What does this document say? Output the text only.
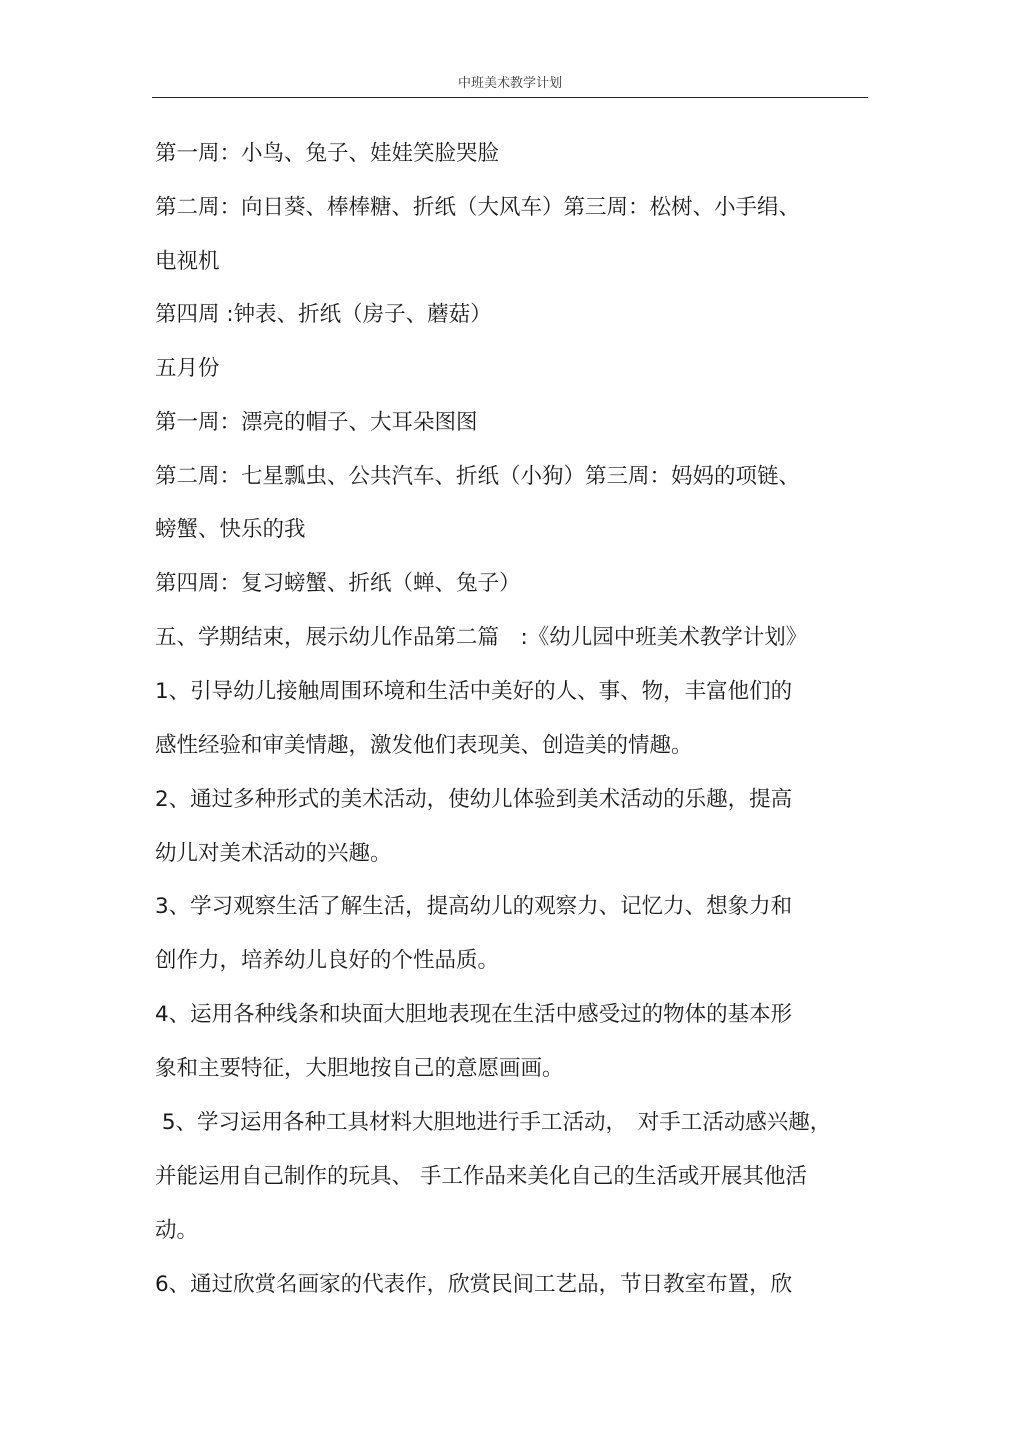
中班美术教学计划
第一周：小鸟、兔子、娃娃笑脸哭脸
第二周：向日葵、棒棒糖、折纸（大风车）第三周：松树、小手绢、
电视机
第四周 :钟表、折纸（房子、蘑菇）
五月份
第一周：漂亮的帽子、大耳朵图图
第二周：七星瓢虫、公共汽车、折纸（小狗）第三周：妈妈的项链、
螃蟹、快乐的我
第四周：复习螃蟹、折纸（蝉、兔子）
五、学期结束，展示幼儿作品第二篇　:《幼儿园中班美术教学计划》
1、引导幼儿接触周围环境和生活中美好的人、事、物，丰富他们的
感性经验和审美情趣，激发他们表现美、创造美的情趣。
2、通过多种形式的美术活动，使幼儿体验到美术活动的乐趣，提高
幼儿对美术活动的兴趣。
3、学习观察生活了解生活，提高幼儿的观察力、记忆力、想象力和
创作力，培养幼儿良好的个性品质。
4、运用各种线条和块面大胆地表现在生活中感受过的物体的基本形
象和主要特征，大胆地按自己的意愿画画。
5、学习运用各种工具材料大胆地进行手工活动，　对手工活动感兴趣，
并能运用自己制作的玩具、 手工作品来美化自己的生活或开展其他活
动。
6、通过欣赏名画家的代表作，欣赏民间工艺品，节日教室布置，欣
